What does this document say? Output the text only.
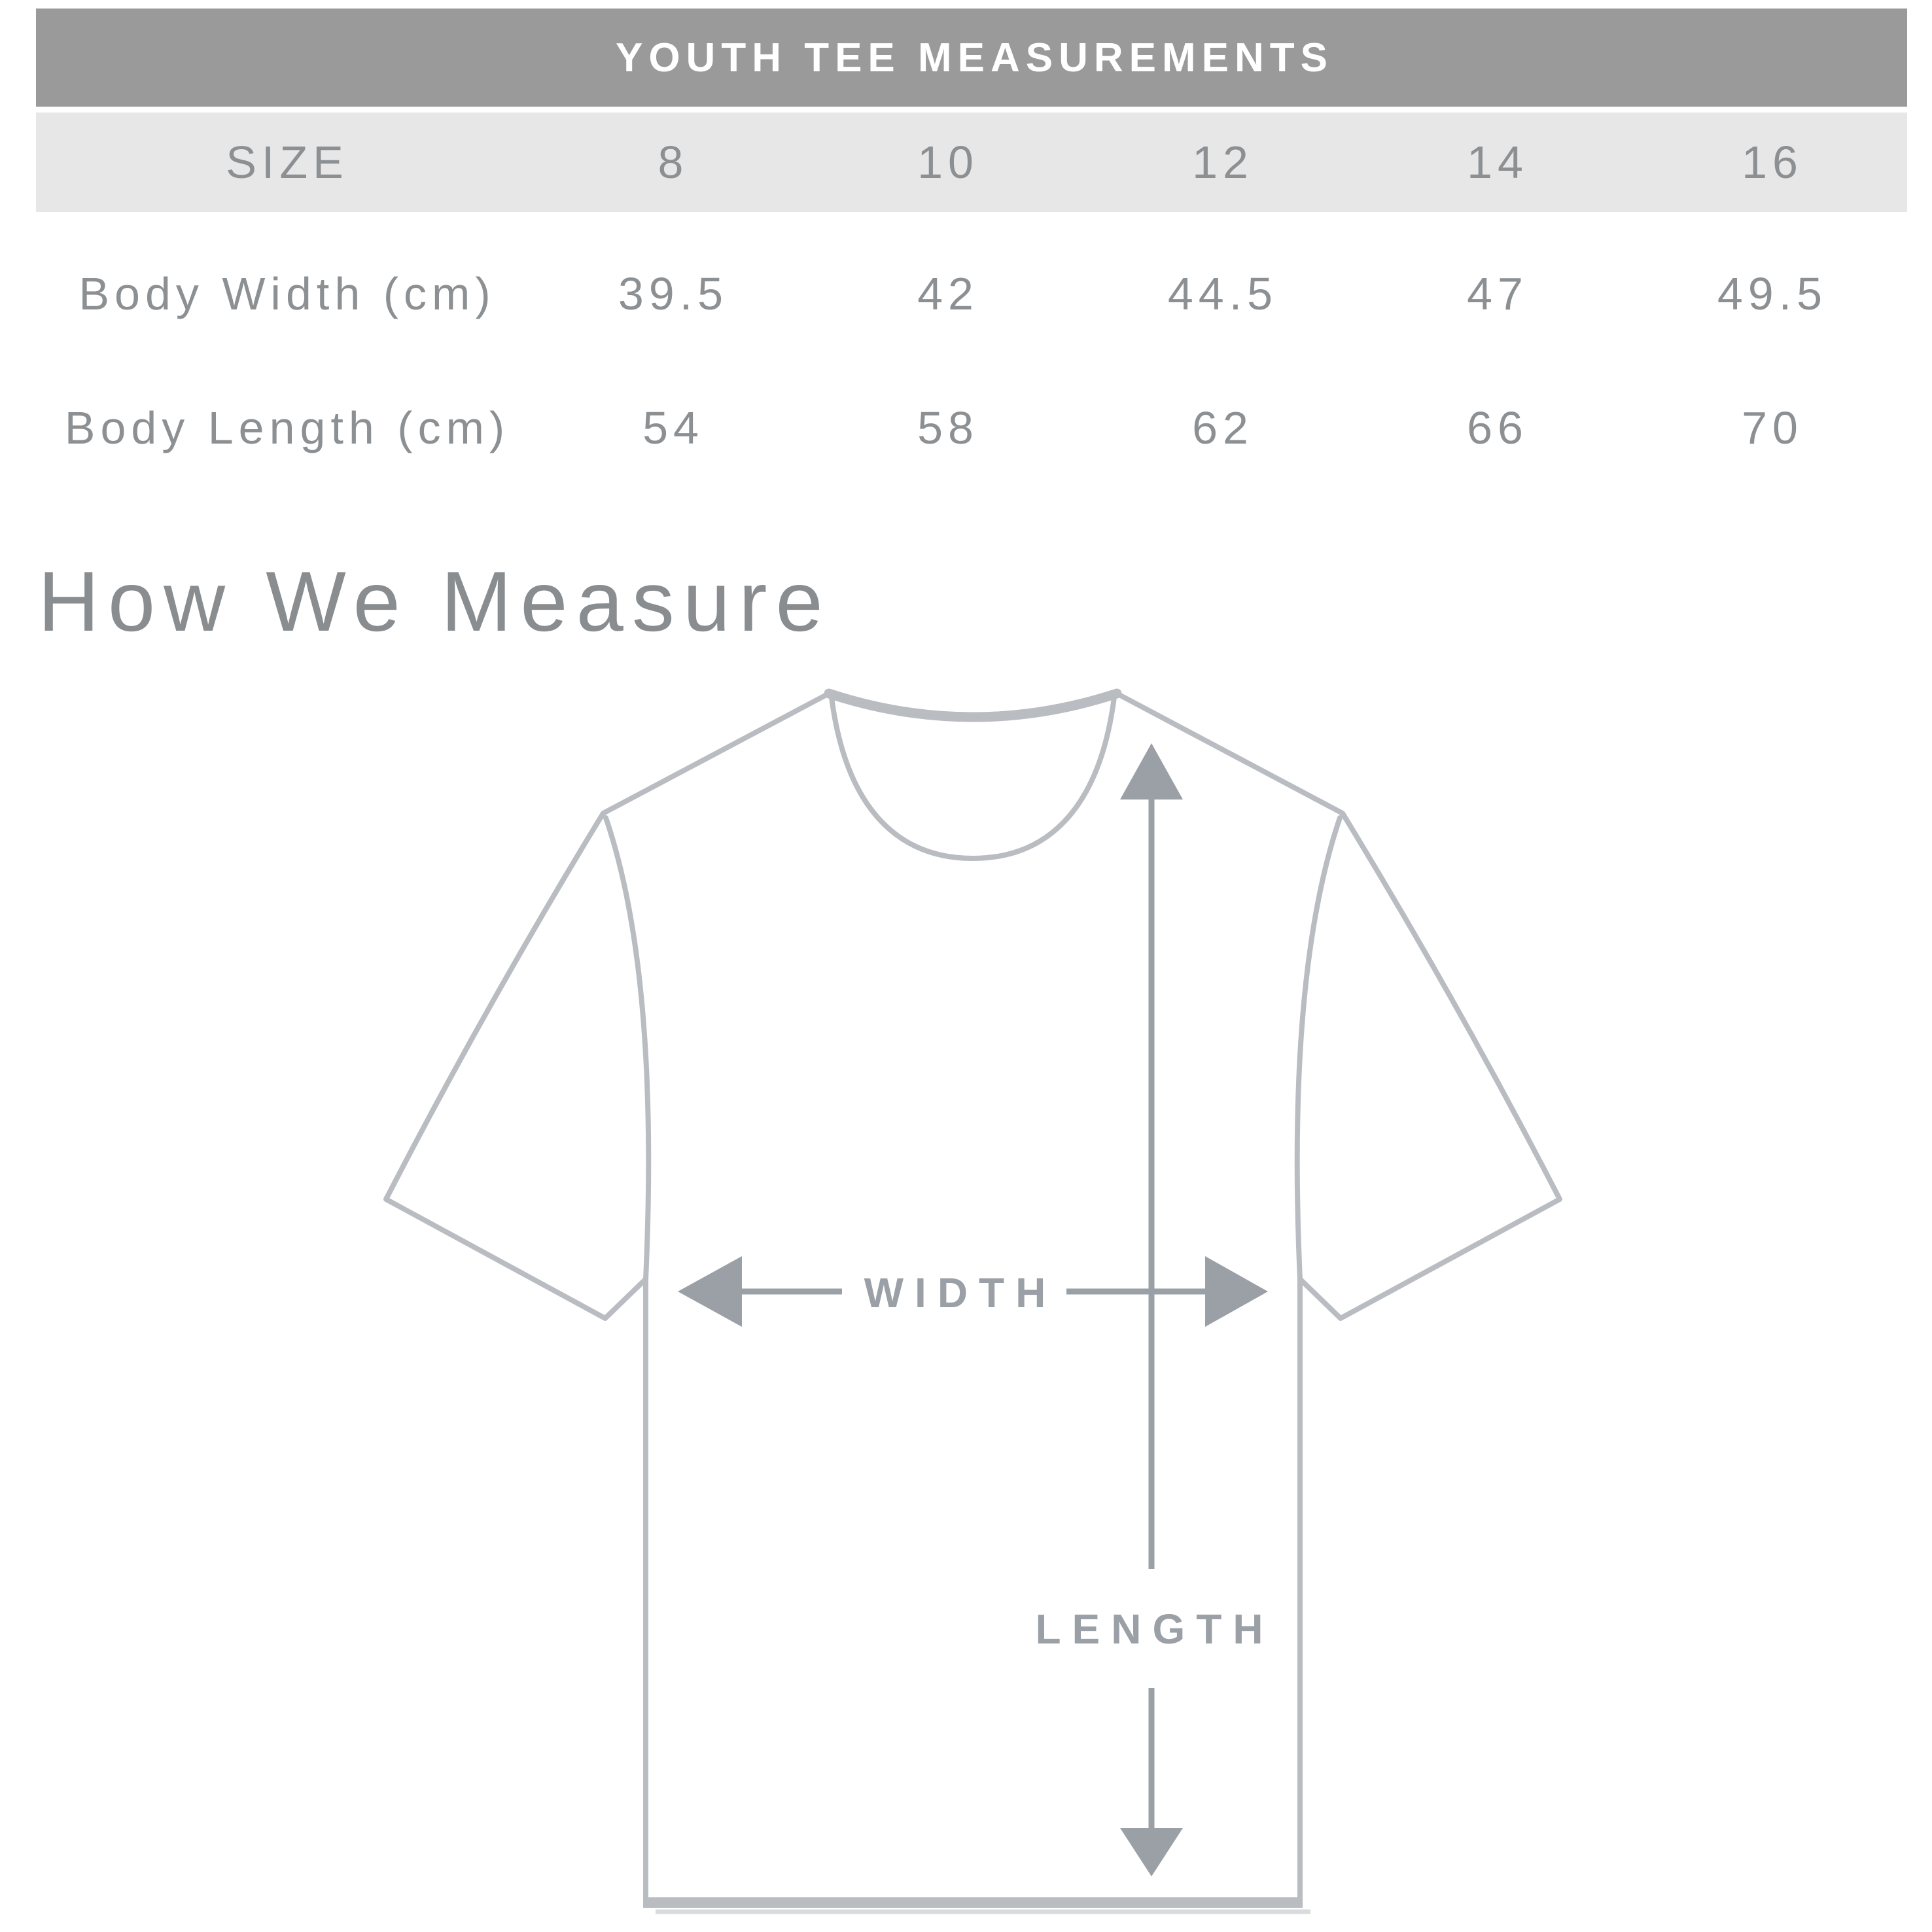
YOUTH TEE MEASUREMENTS
SIZE	8	10	12	14	16
Body Width (cm)	39.5	42	44.5	47	49.5
Body Length (cm)	54	58	62	66	70
How We Measure
LENGTH
WIDTH
